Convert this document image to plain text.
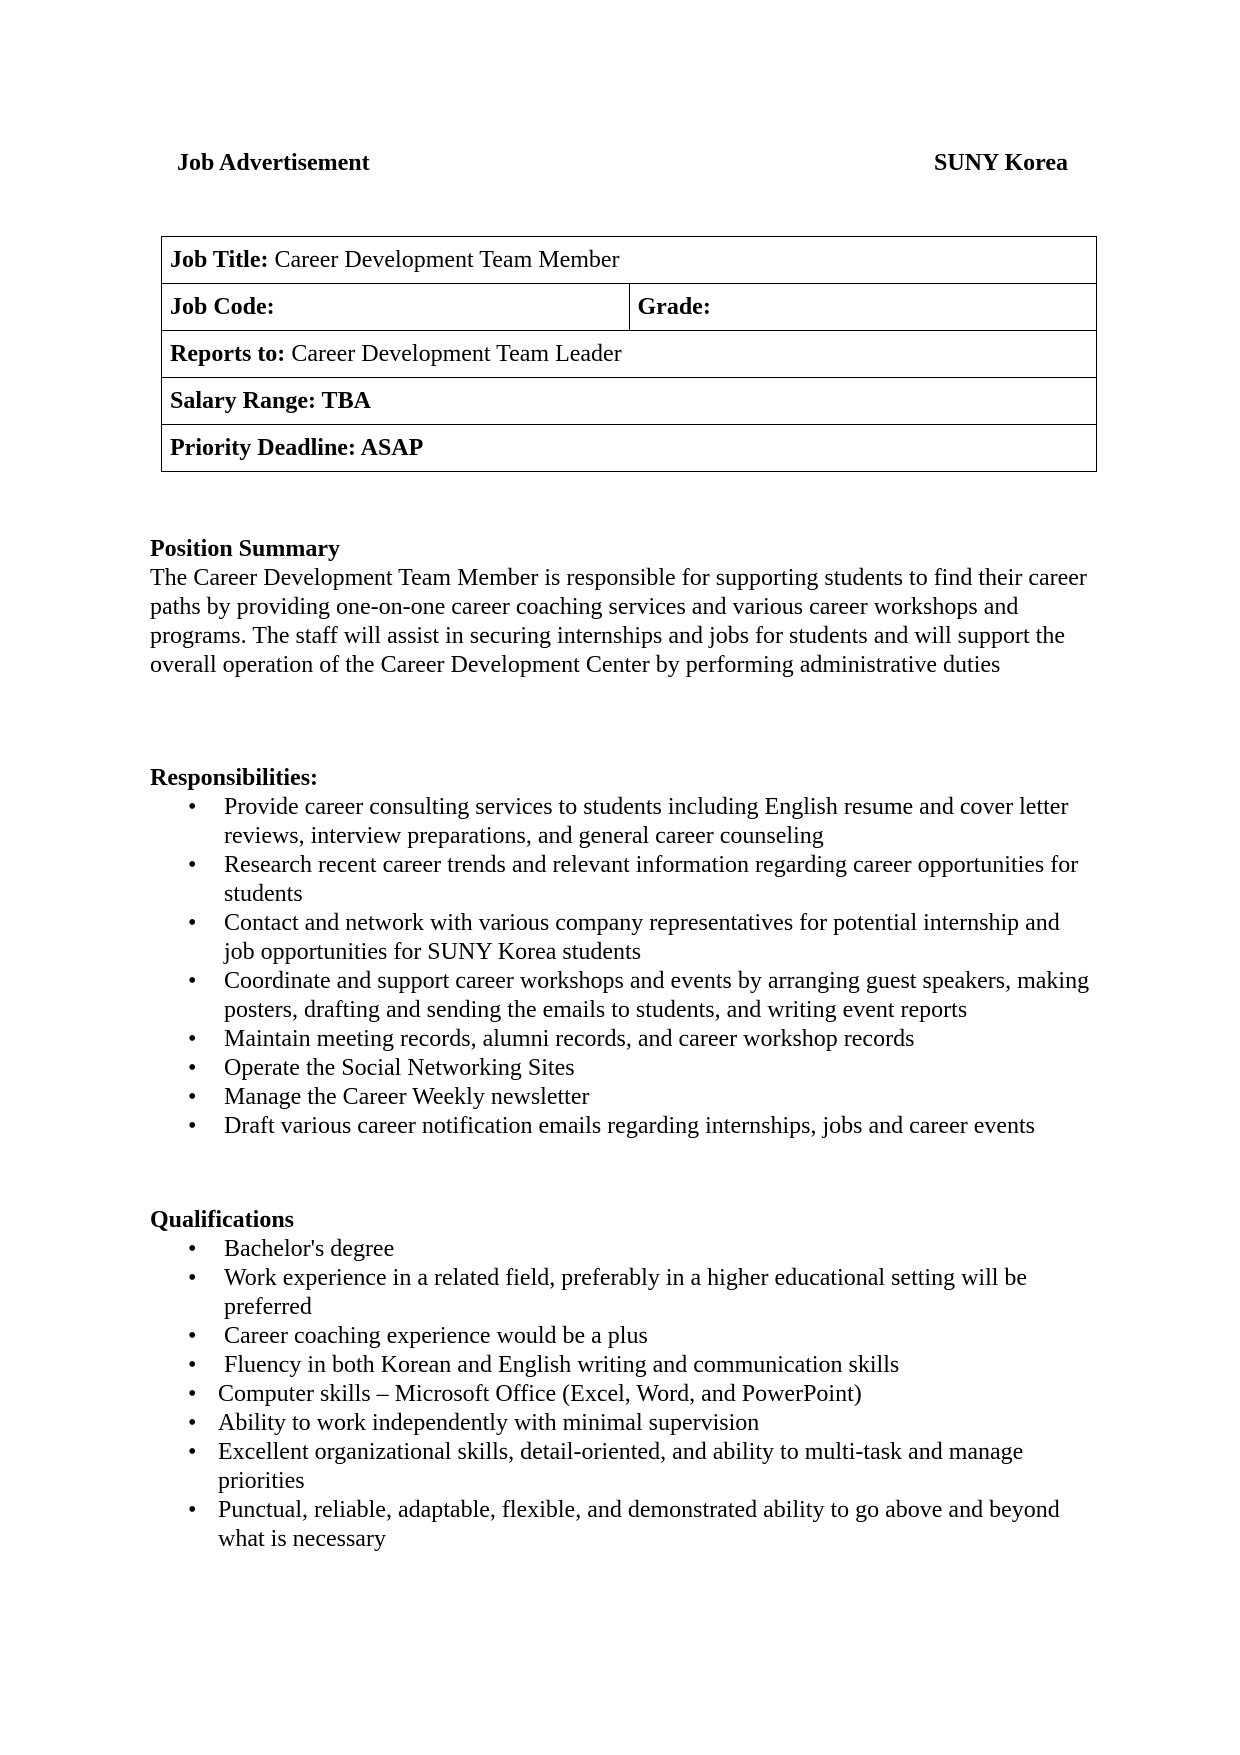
Job Advertisement	SUNY Korea
Job Title: Career Development Team Member
Job Code:	Grade:
Reports to: Career Development Team Leader
Salary Range: TBA
Priority Deadline: ASAP
Position Summary

The Career Development Team Member is responsible for supporting students to find their career paths by providing one-on-one career coaching services and various career workshops and programs. The staff will assist in securing internships and jobs for students and will support the overall operation of the Career Development Center by performing administrative duties

Responsibilities:
• Provide career consulting services to students including English resume and cover letter reviews, interview preparations, and general career counseling
• Research recent career trends and relevant information regarding career opportunities for students
• Contact and network with various company representatives for potential internship and job opportunities for SUNY Korea students
• Coordinate and support career workshops and events by arranging guest speakers, making posters, drafting and sending the emails to students, and writing event reports
• Maintain meeting records, alumni records, and career workshop records
• Operate the Social Networking Sites
• Manage the Career Weekly newsletter
• Draft various career notification emails regarding internships, jobs and career events
Qualifications
• Bachelor's degree
• Work experience in a related field, preferably in a higher educational setting will be preferred
• Career coaching experience would be a plus
• Fluency in both Korean and English writing and communication skills
• Computer skills – Microsoft Office (Excel, Word, and PowerPoint)
• Ability to work independently with minimal supervision
• Excellent organizational skills, detail-oriented, and ability to multi-task and manage priorities
• Punctual, reliable, adaptable, flexible, and demonstrated ability to go above and beyond what is necessary
